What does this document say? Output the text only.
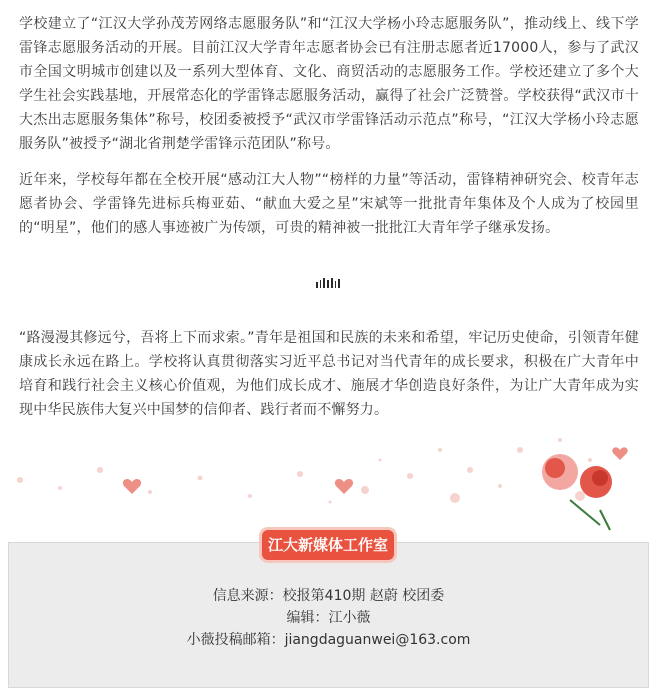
学校建立了“江汉大学孙茂芳网络志愿服务队”和“江汉大学杨小玲志愿服务队”，推动线上、线下学雷锋志愿服务活动的开展。目前江汉大学青年志愿者协会已有注册志愿者近17000人，参与了武汉市全国文明城市创建以及一系列大型体育、文化、商贸活动的志愿服务工作。学校还建立了多个大学生社会实践基地，开展常态化的学雷锋志愿服务活动，赢得了社会广泛赞誉。学校获得“武汉市十大杰出志愿服务集体”称号，校团委被授予“武汉市学雷锋活动示范点”称号，“江汉大学杨小玲志愿服务队”被授予“湖北省荆楚学雷锋示范团队”称号。

近年来，学校每年都在全校开展“感动江大人物”“榜样的力量”等活动，雷锋精神研究会、校青年志愿者协会、学雷锋先进标兵梅亚茹、“献血大爱之星”宋斌等一批批青年集体及个人成为了校园里的“明星”，他们的感人事迹被广为传颂，可贵的精神被一批批江大青年学子继承发扬。

“路漫漫其修远兮，吾将上下而求索。”青年是祖国和民族的未来和希望，牢记历史使命，引领青年健康成长永远在路上。学校将认真贯彻落实习近平总书记对当代青年的成长要求，积极在广大青年中培育和践行社会主义核心价值观，为他们成长成才、施展才华创造良好条件，为让广大青年成为实现中华民族伟大复兴中国梦的信仰者、践行者而不懈努力。

江大新媒体工作室
信息来源：校报第410期 赵蔚 校团委
编辑：江小薇
小薇投稿邮箱：jiangdaguanwei@163.com
